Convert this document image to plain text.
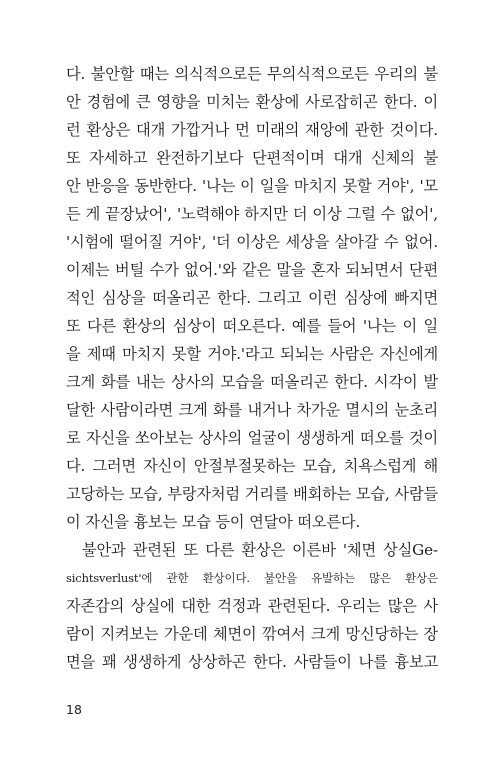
다. 불안할 때는 의식적으로든 무의식적으로든 우리의 불
안 경험에 큰 영향을 미치는 환상에 사로잡히곤 한다. 이
런 환상은 대개 가깝거나 먼 미래의 재앙에 관한 것이다.
또 자세하고 완전하기보다 단편적이며 대개 신체의 불
안 반응을 동반한다. '나는 이 일을 마치지 못할 거야', '모
든 게 끝장났어', '노력해야 하지만 더 이상 그럴 수 없어',
'시험에 떨어질 거야', '더 이상은 세상을 살아갈 수 없어.
이제는 버틸 수가 없어.'와 같은 말을 혼자 되뇌면서 단편
적인 심상을 떠올리곤 한다. 그리고 이런 심상에 빠지면
또 다른 환상의 심상이 떠오른다. 예를 들어 '나는 이 일
을 제때 마치지 못할 거야.'라고 되뇌는 사람은 자신에게
크게 화를 내는 상사의 모습을 떠올리곤 한다. 시각이 발
달한 사람이라면 크게 화를 내거나 차가운 멸시의 눈초리
로 자신을 쏘아보는 상사의 얼굴이 생생하게 떠오를 것이
다. 그러면 자신이 안절부절못하는 모습, 치욕스럽게 해
고당하는 모습, 부랑자처럼 거리를 배회하는 모습, 사람들
이 자신을 흉보는 모습 등이 연달아 떠오른다.
불안과 관련된 또 다른 환상은 이른바 '체면 상실Ge-
sichtsverlust'에 관한 환상이다. 불안을 유발하는 많은 환상은
자존감의 상실에 대한 걱정과 관련된다. 우리는 많은 사
람이 지켜보는 가운데 체면이 깎여서 크게 망신당하는 장
면을 꽤 생생하게 상상하곤 한다. 사람들이 나를 흉보고
18
